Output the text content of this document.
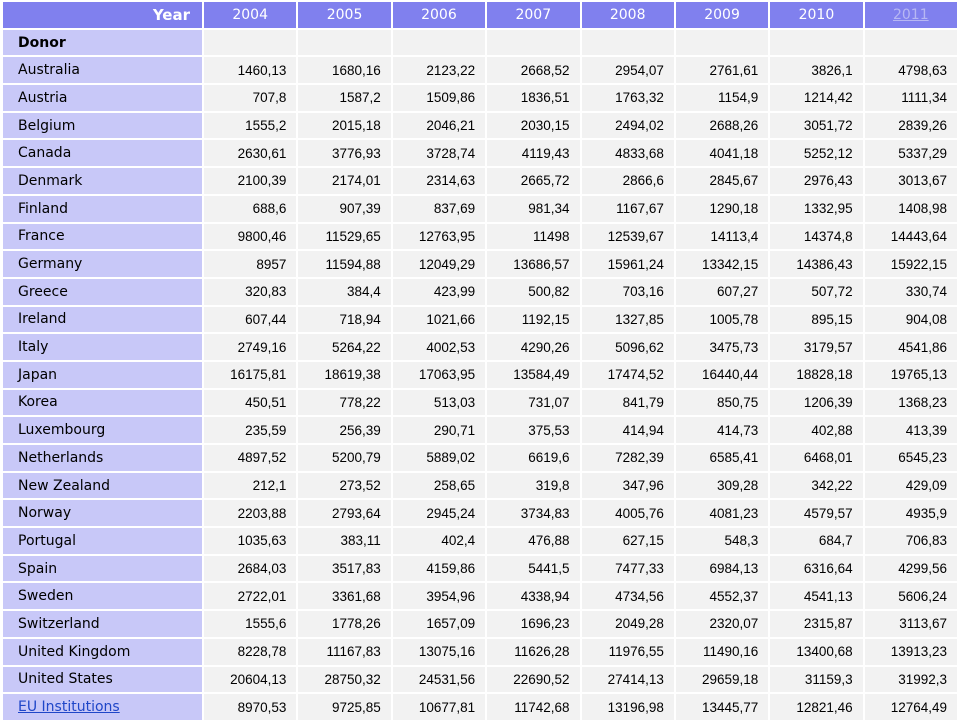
Year	2004	2005	2006	2007	2008	2009	2010	2011
Donor								
Australia	1460,13	1680,16	2123,22	2668,52	2954,07	2761,61	3826,1	4798,63
Austria	707,8	1587,2	1509,86	1836,51	1763,32	1154,9	1214,42	1111,34
Belgium	1555,2	2015,18	2046,21	2030,15	2494,02	2688,26	3051,72	2839,26
Canada	2630,61	3776,93	3728,74	4119,43	4833,68	4041,18	5252,12	5337,29
Denmark	2100,39	2174,01	2314,63	2665,72	2866,6	2845,67	2976,43	3013,67
Finland	688,6	907,39	837,69	981,34	1167,67	1290,18	1332,95	1408,98
France	9800,46	11529,65	12763,95	11498	12539,67	14113,4	14374,8	14443,64
Germany	8957	11594,88	12049,29	13686,57	15961,24	13342,15	14386,43	15922,15
Greece	320,83	384,4	423,99	500,82	703,16	607,27	507,72	330,74
Ireland	607,44	718,94	1021,66	1192,15	1327,85	1005,78	895,15	904,08
Italy	2749,16	5264,22	4002,53	4290,26	5096,62	3475,73	3179,57	4541,86
Japan	16175,81	18619,38	17063,95	13584,49	17474,52	16440,44	18828,18	19765,13
Korea	450,51	778,22	513,03	731,07	841,79	850,75	1206,39	1368,23
Luxembourg	235,59	256,39	290,71	375,53	414,94	414,73	402,88	413,39
Netherlands	4897,52	5200,79	5889,02	6619,6	7282,39	6585,41	6468,01	6545,23
New Zealand	212,1	273,52	258,65	319,8	347,96	309,28	342,22	429,09
Norway	2203,88	2793,64	2945,24	3734,83	4005,76	4081,23	4579,57	4935,9
Portugal	1035,63	383,11	402,4	476,88	627,15	548,3	684,7	706,83
Spain	2684,03	3517,83	4159,86	5441,5	7477,33	6984,13	6316,64	4299,56
Sweden	2722,01	3361,68	3954,96	4338,94	4734,56	4552,37	4541,13	5606,24
Switzerland	1555,6	1778,26	1657,09	1696,23	2049,28	2320,07	2315,87	3113,67
United Kingdom	8228,78	11167,83	13075,16	11626,28	11976,55	11490,16	13400,68	13913,23
United States	20604,13	28750,32	24531,56	22690,52	27414,13	29659,18	31159,3	31992,3
EU Institutions	8970,53	9725,85	10677,81	11742,68	13196,98	13445,77	12821,46	12764,49
